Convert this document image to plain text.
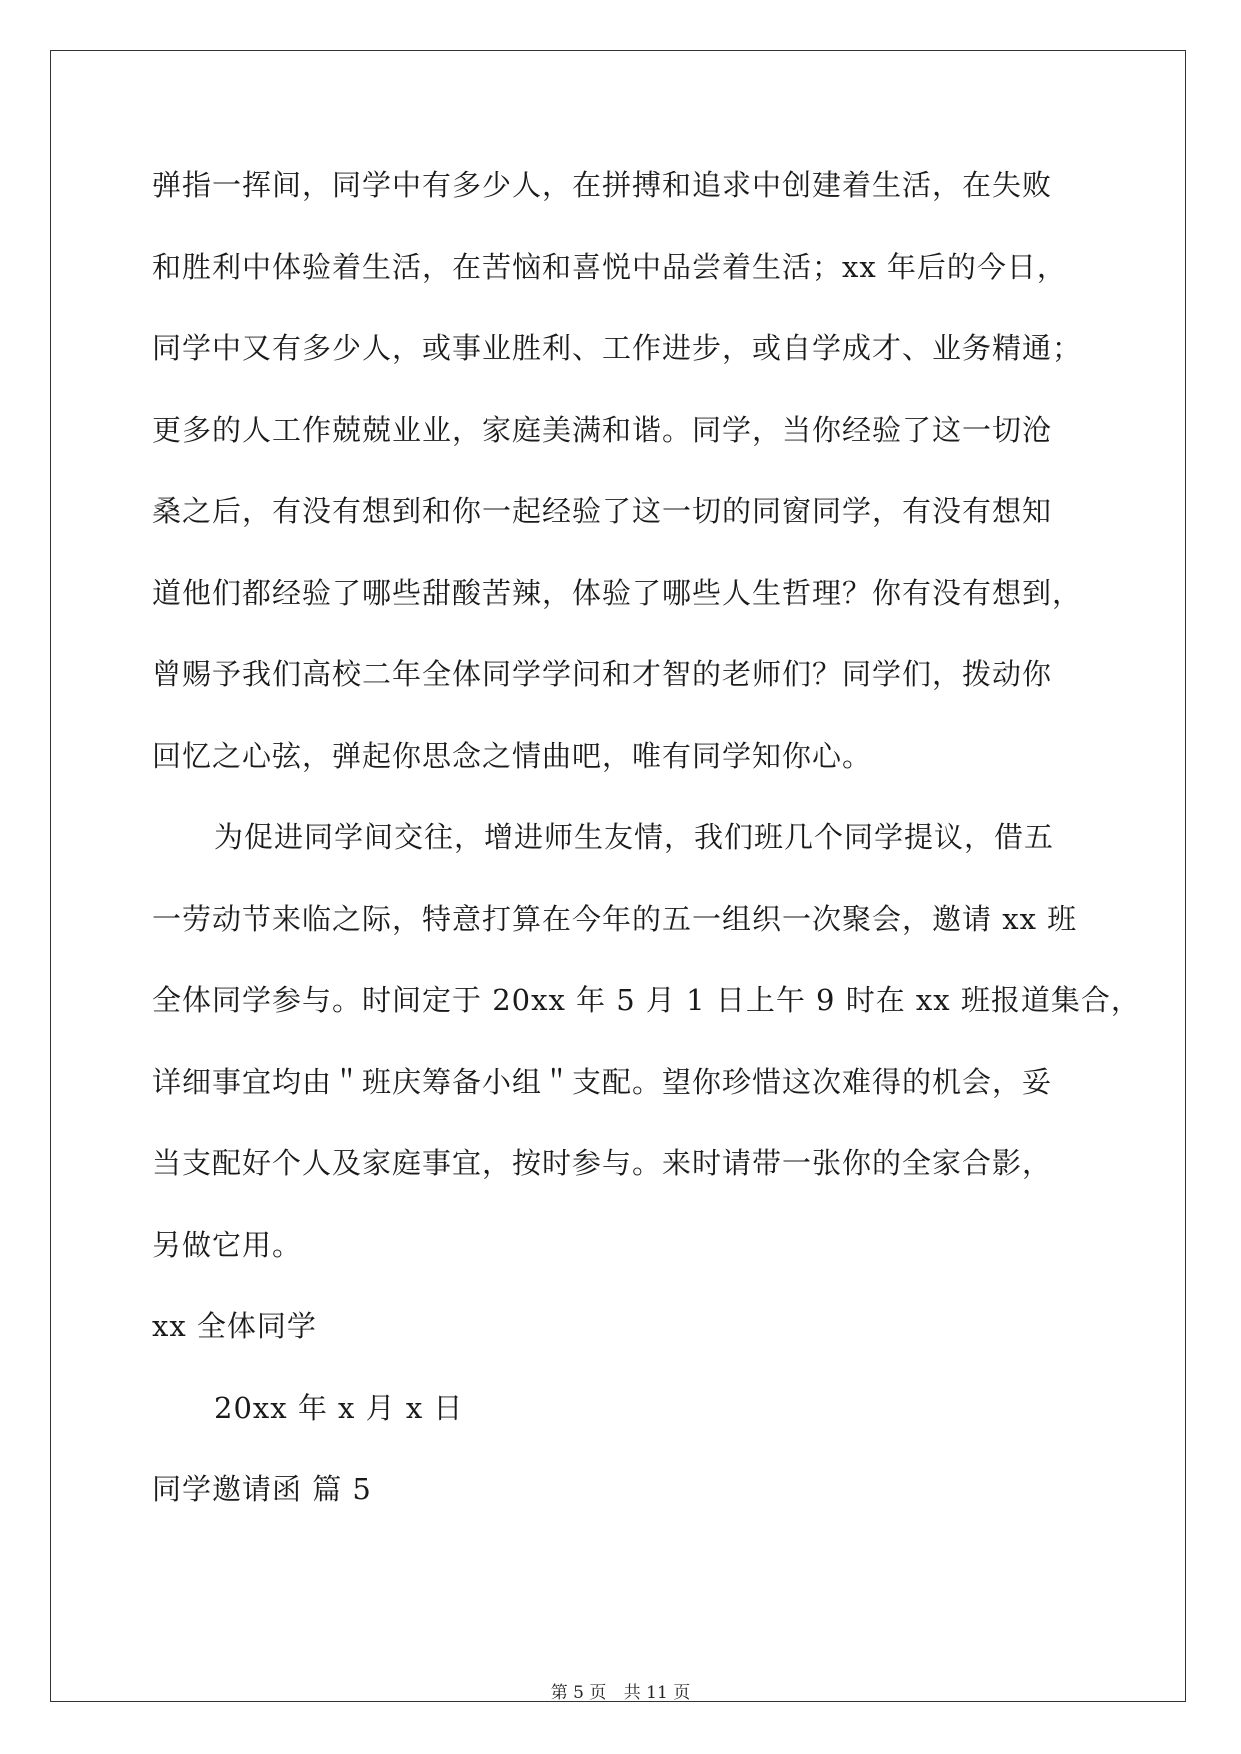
弹指一挥间，同学中有多少人，在拼搏和追求中创建着生活，在失败
和胜利中体验着生活，在苦恼和喜悦中品尝着生活；xx 年后的今日，
同学中又有多少人，或事业胜利、工作进步，或自学成才、业务精通；
更多的人工作兢兢业业，家庭美满和谐。同学，当你经验了这一切沧
桑之后，有没有想到和你一起经验了这一切的同窗同学，有没有想知
道他们都经验了哪些甜酸苦辣，体验了哪些人生哲理？你有没有想到，
曾赐予我们高校二年全体同学学问和才智的老师们？同学们，拨动你
回忆之心弦，弹起你思念之情曲吧，唯有同学知你心。
为促进同学间交往，增进师生友情，我们班几个同学提议，借五
一劳动节来临之际，特意打算在今年的五一组织一次聚会，邀请 xx 班
全体同学参与。时间定于 20xx 年 5 月 1 日上午 9 时在 xx 班报道集合，
详细事宜均由＂班庆筹备小组＂支配。望你珍惜这次难得的机会，妥
当支配好个人及家庭事宜，按时参与。来时请带一张你的全家合影，
另做它用。
xx 全体同学
20xx 年 x 月 x 日
同学邀请函 篇 5
第 5 页 共 11 页
